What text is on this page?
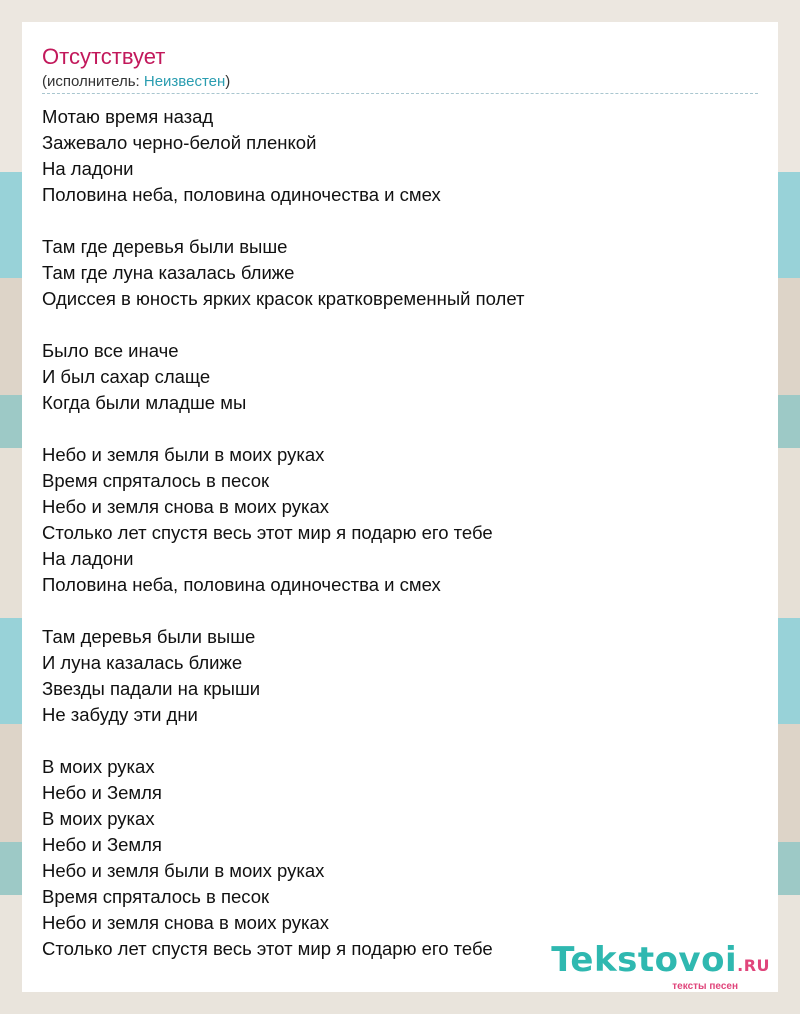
Отсутствует
(исполнитель: Неизвестен)
Мотаю время назад
Зажевало черно-белой пленкой
На ладони
Половина неба, половина одиночества и смех
Там где деревья были выше
Там где луна казалась ближе
Одиссея в юность ярких красок кратковременный полет
Было все иначе
И был сахар слаще
Когда были младше мы
Небо и земля были в моих руках
Время спряталось в песок
Небо и земля снова в моих руках
Столько лет спустя весь этот мир я подарю его тебе
На ладони
Половина неба, половина одиночества и смех
Там деревья были выше
И луна казалась ближе
Звезды падали на крыши
Не забуду эти дни
В моих руках
Небо и Земля
В моих руках
Небо и Земля
Небо и земля были в моих руках
Время спряталось в песок
Небо и земля снова в моих руках
Столько лет спустя весь этот мир я подарю его тебе	Tekstovoi.RU
тексты песен
